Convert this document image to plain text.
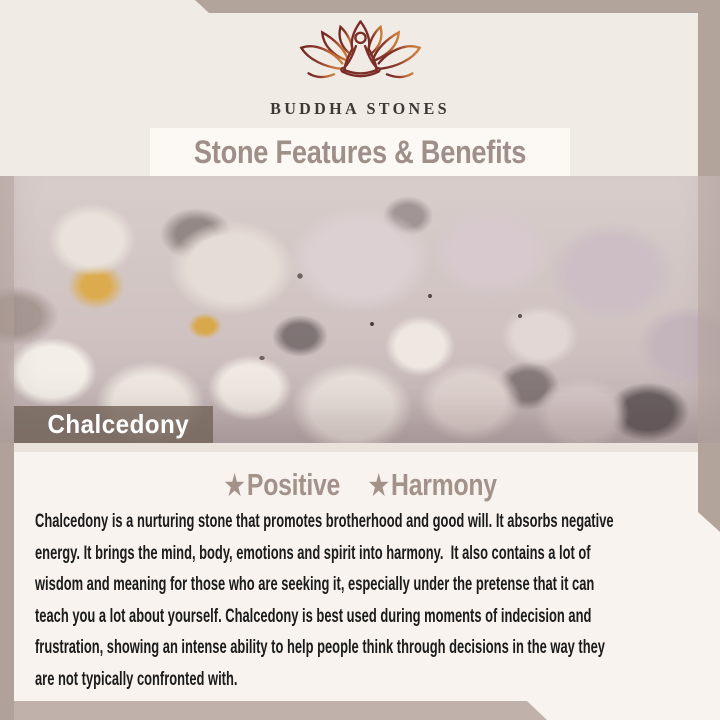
BUDDHA STONES
Stone Features & Benefits
Chalcedony
★ Positive ★ Harmony
Chalcedony is a nurturing stone that promotes brotherhood and good will. It absorbs negative
energy. It brings the mind, body, emotions and spirit into harmony.  It also contains a lot of
wisdom and meaning for those who are seeking it, especially under the pretense that it can
teach you a lot about yourself. Chalcedony is best used during moments of indecision and
frustration, showing an intense ability to help people think through decisions in the way they
are not typically confronted with.
